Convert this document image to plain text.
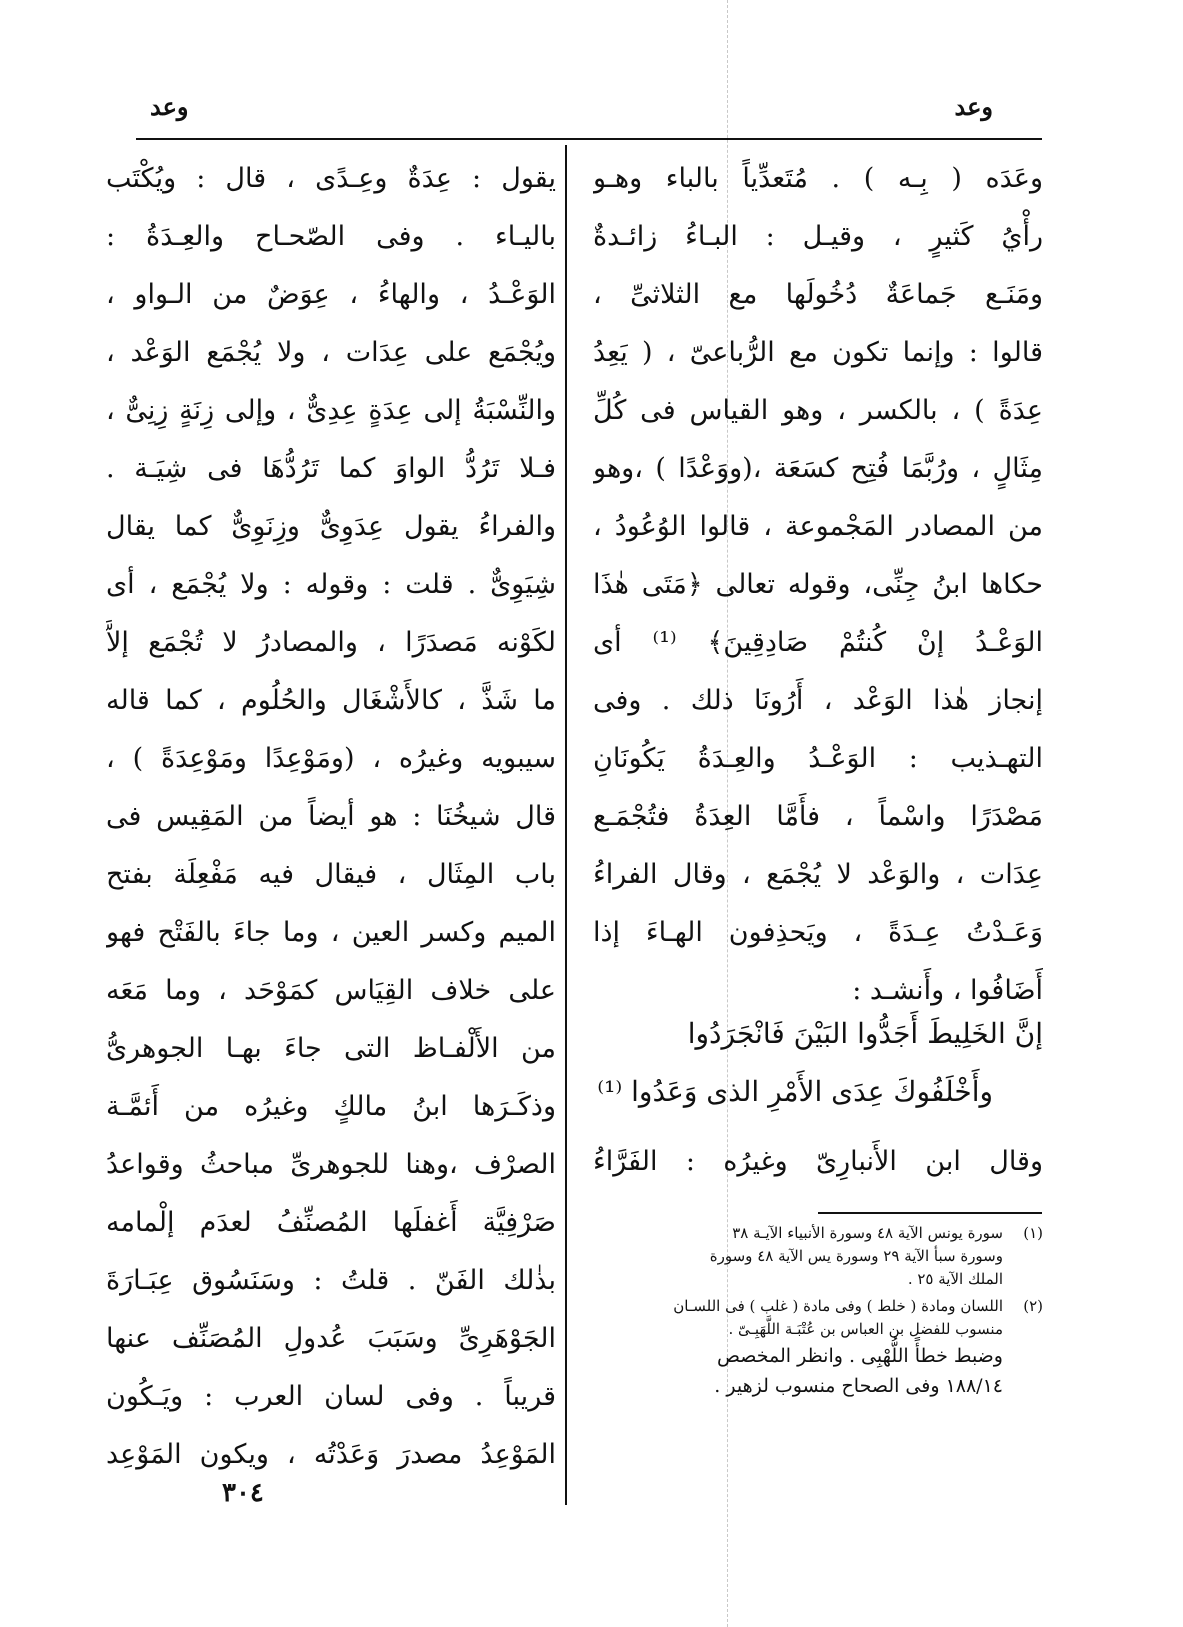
وعد
وعد
وعَدَه ( بِـه ) . مُتَعدِّياً بالباء وهـو
رأْيُ كَثيرٍ ، وقيـل : البـاءُ زائـدةٌ
ومَنَـع جَماعَةٌ دُخُولَها مع الثلاثىِّ ،
قالوا : وإنما تكون مع الرُّباعىّ ، ( يَعِدُ
عِدَةً ) ، بالكسر ، وهو القياس فى كُلِّ
مِثَالٍ ، ورُبَّمَا فُتِح كسَعَة ،(ووَعْدًا ) ،وهو
من المصادر المَجْموعة ، قالوا الوُعُودُ ،
حكاها ابنُ جِنِّى، وقوله تعالى ﴿مَتَى هٰذَا
الوَعْـدُ إنْ كُنتُمْ صَادِقِينَ﴾ ⁽¹⁾ أى
إنجاز هٰذا الوَعْد ، أَرُونَا ذلك . وفى
التهـذيب : الوَعْـدُ والعِـدَةُ يَكُونَانِ
مَصْدَرًا واسْماً ، فأَمَّا العِدَةُ فتُجْمَـع
عِدَات ، والوَعْد لا يُجْمَع ، وقال الفراءُ
وَعَـدْتُ عِـدَةً ، ويَحذِفون الهـاءَ إذا
أَضَافُوا ، وأَنشـد :
إنَّ الخَلِيطَ أَجَدُّوا البَيْنَ فَانْجَرَدُوا
وأَخْلَفُوكَ عِدَى الأَمْرِ الذى وَعَدُوا ⁽¹⁾
وقال ابن الأَنبارِىّ وغيرُه : الفَرَّاءُ
يقول : عِدَةٌ وعِـدًى ، قال : ويُكْتَب
باليـاء . وفى الصّحـاح والعِـدَةُ :
الوَعْـدُ ، والهاءُ ، عِوَضٌ من الـواو ،
ويُجْمَع على عِدَات ، ولا يُجْمَع الوَعْد ،
والنِّسْبَةُ إلى عِدَةٍ عِدِىٌّ ، وإلى زِنَةٍ زِنِىٌّ ،
فـلا تَرُدُّ الواوَ كما تَرُدُّهَا فى شِيَـة .
والفراءُ يقول عِدَوِىٌّ وزِنَوِىٌّ كما يقال
شِيَوِىٌّ . قلت : وقوله : ولا يُجْمَع ، أى
لكَوْنه مَصدَرًا ، والمصادرُ لا تُجْمَع إلاَّ
ما شَذَّ ، كالأَشْغَال والحُلُوم ، كما قاله
سيبويه وغيرُه ، (ومَوْعِدًا ومَوْعِدَةً ) ،
قال شيخُنَا : هو أيضاً من المَقِيس فى
باب المِثَال ، فيقال فيه مَفْعِلَة بفتح
الميم وكسر العين ، وما جاءَ بالفَتْح فهو
على خلاف القِيَاس كمَوْحَد ، وما مَعَه
من الأَلْفـاظ التى جاءَ بهـا الجوهرىُّ
وذكَـرَها ابنُ مالكٍ وغيرُه من أَئمَّـة
الصرْف ،وهنا للجوهرىِّ مباحثُ وقواعدُ
صَرْفِيَّة أَغفلَها المُصنِّفُ لعدَم إلْمامه
بذٰلك الفَنّ . قلتُ : وسَنَسُوق عِبَـارَةَ
الجَوْهَرِىِّ وسَبَبَ عُدولِ المُصَنِّف عنها
قريباً . وفى لسان العرب : ويَـكُون
المَوْعِدُ مصدرَ وَعَدْتُه ، ويكون المَوْعِد
(١)
سورة يونس الآية ٤٨ وسورة الأنبياء الآيـة ٣٨
وسورة سبأ الآية ٢٩ وسورة يس الآية ٤٨ وسورة
الملك الآية ٢٥ .
(٢)
اللسان ومادة ( خلط ) وفى مادة ( غلب ) فى اللسـان
منسوب للفضل بن العباس بن عُتْبَـة اللَّهَبِـىّ .
وضبط خطأً اللُّهْبِى . وانظر المخصص
١٨٨/١٤ وفى الصحاح منسوب لزهير .
٣٠٤
